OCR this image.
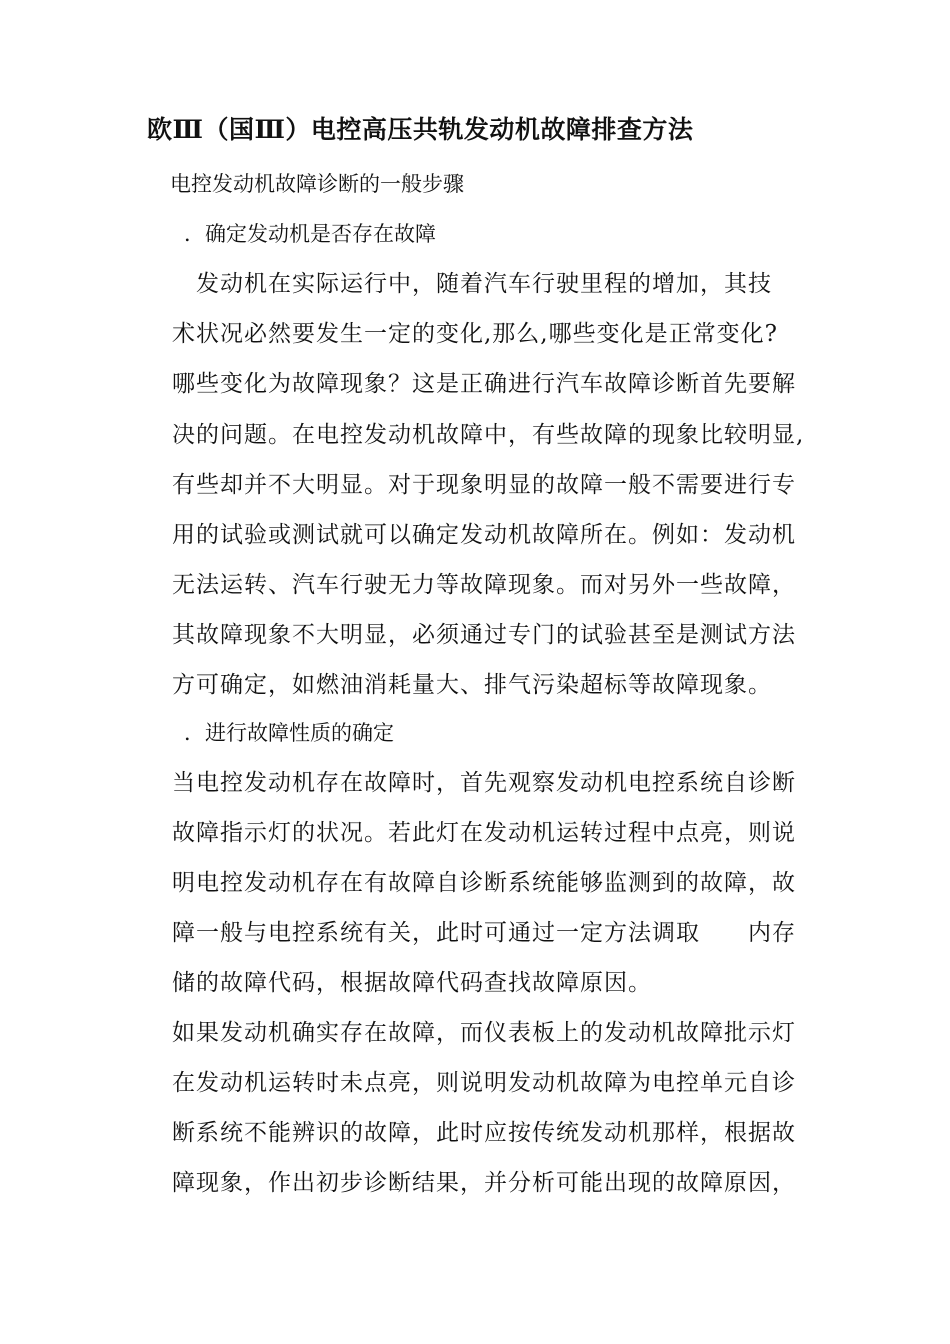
欧Ⅲ（国Ⅲ）电控高压共轨发动机故障排查方法

电控发动机故障诊断的一般步骤

．确定发动机是否存在故障

　发动机在实际运行中，随着汽车行驶里程的增加，其技

术状况必然要发生一定的变化,那么,哪些变化是正常变化?

哪些变化为故障现象？这是正确进行汽车故障诊断首先要解

决的问题。在电控发动机故障中，有些故障的现象比较明显,

有些却并不大明显。对于现象明显的故障一般不需要进行专

用的试验或测试就可以确定发动机故障所在。例如：发动机

无法运转、汽车行驶无力等故障现象。而对另外一些故障，

其故障现象不大明显，必须通过专门的试验甚至是测试方法

方可确定，如燃油消耗量大、排气污染超标等故障现象。

．进行故障性质的确定

当电控发动机存在故障时，首先观察发动机电控系统自诊断

故障指示灯的状况。若此灯在发动机运转过程中点亮，则说

明电控发动机存在有故障自诊断系统能够监测到的故障，故

障一般与电控系统有关，此时可通过一定方法调取　　内存

储的故障代码，根据故障代码查找故障原因。

如果发动机确实存在故障，而仪表板上的发动机故障批示灯

在发动机运转时未点亮，则说明发动机故障为电控单元自诊

断系统不能辨识的故障，此时应按传统发动机那样，根据故

障现象，作出初步诊断结果，并分析可能出现的故障原因，
